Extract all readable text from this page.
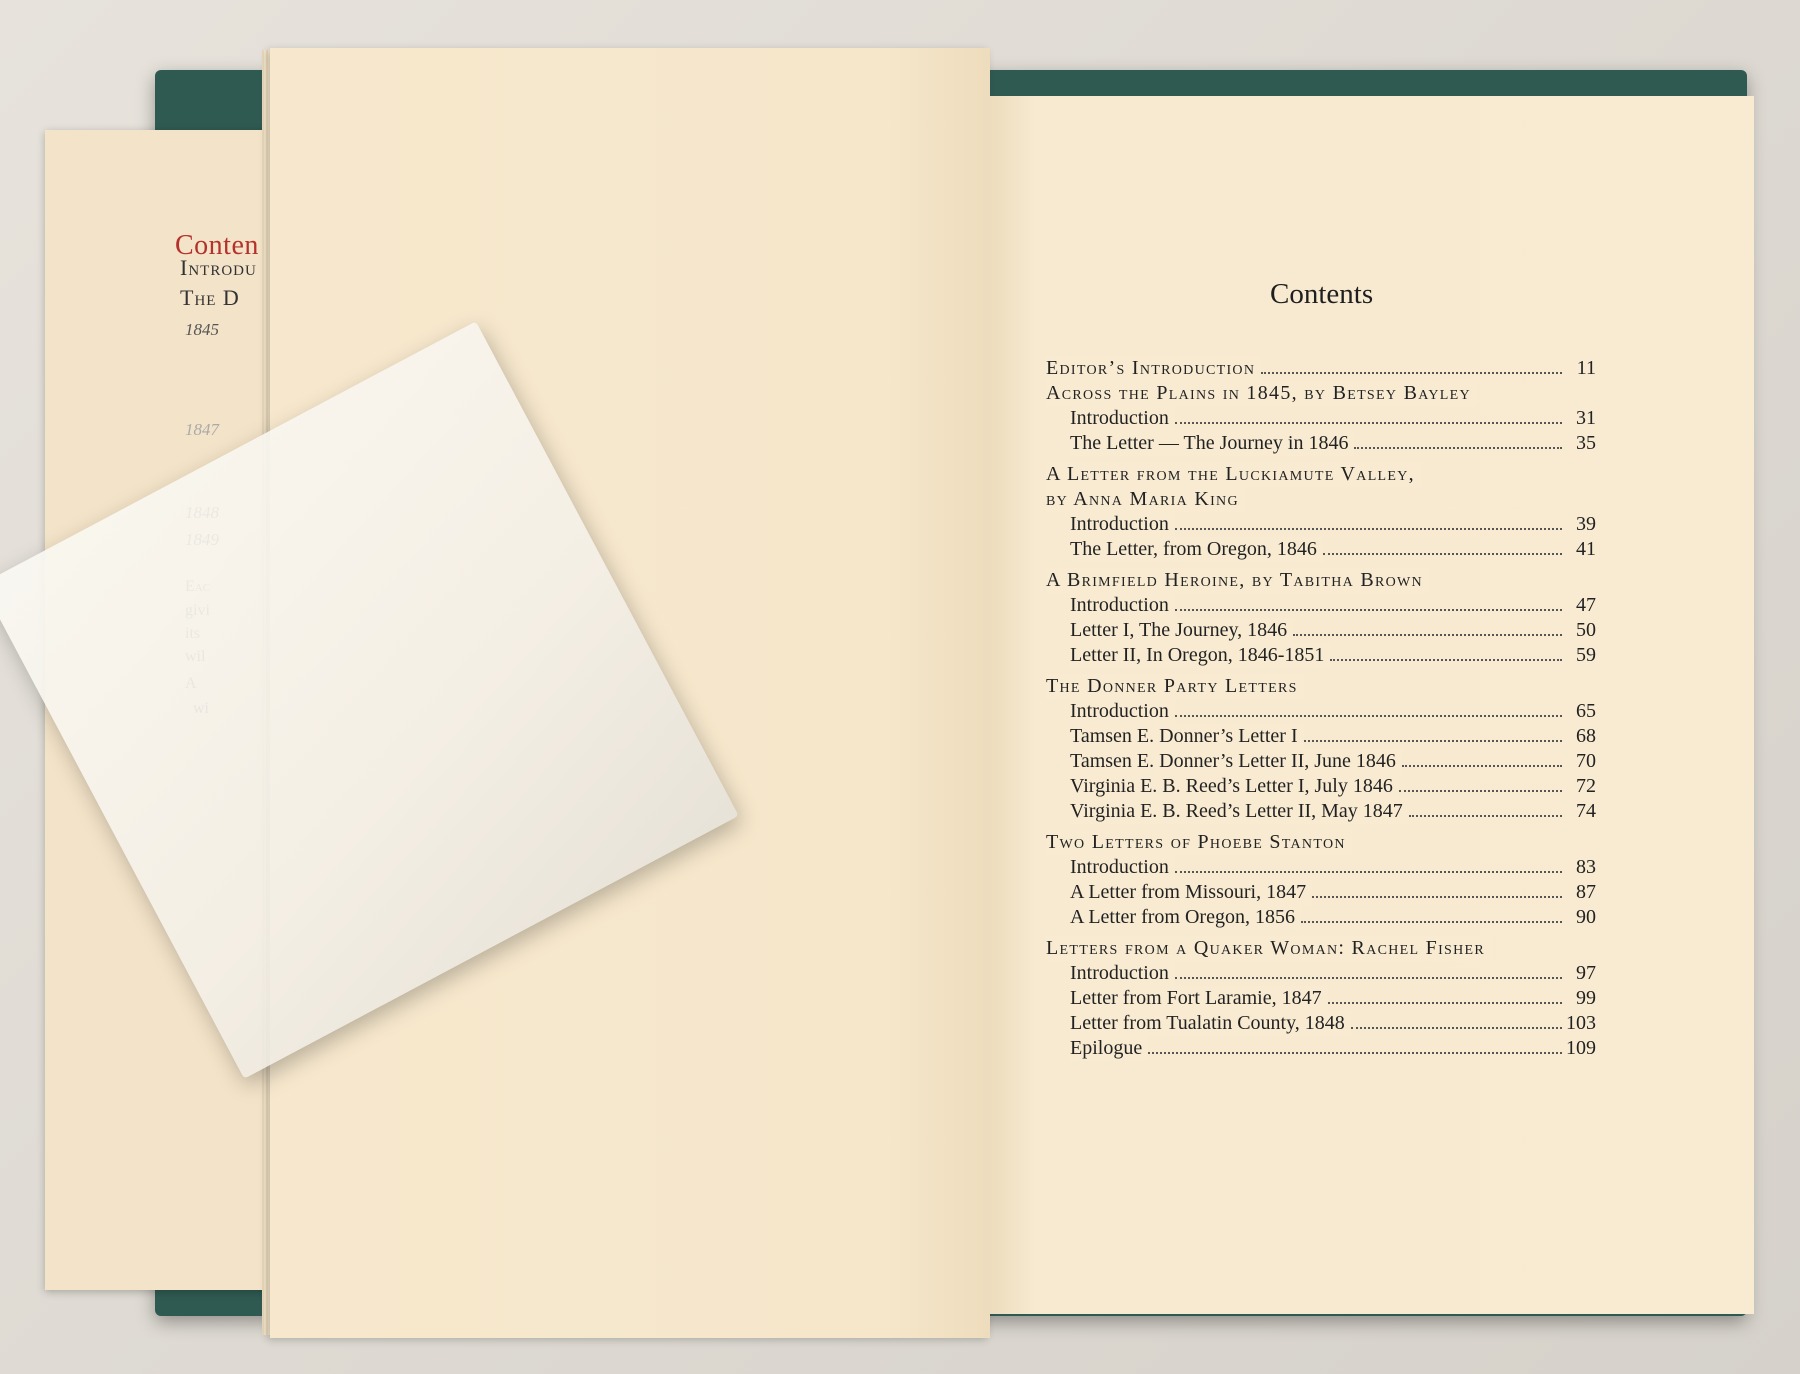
Conten
Introdu
The D
1845
1847
Contents
Editor’s Introduction	11
Across the Plains in 1845, by Betsey Bayley
Introduction	31
The Letter — The Journey in 1846	35
A Letter from the Luckiamute Valley,
by Anna Maria King
Introduction	39
The Letter, from Oregon, 1846	41
A Brimfield Heroine, by Tabitha Brown
Introduction	47
Letter I, The Journey, 1846	50
Letter II, In Oregon, 1846-1851	59
The Donner Party Letters
Introduction	65
Tamsen E. Donner’s Letter I	68
Tamsen E. Donner’s Letter II, June 1846	70
Virginia E. B. Reed’s Letter I, July 1846	72
Virginia E. B. Reed’s Letter II, May 1847	74
Two Letters of Phoebe Stanton
Introduction	83
A Letter from Missouri, 1847	87
A Letter from Oregon, 1856	90
Letters from a Quaker Woman: Rachel Fisher
Introduction	97
Letter from Fort Laramie, 1847	99
Letter from Tualatin County, 1848	103
Epilogue	109
